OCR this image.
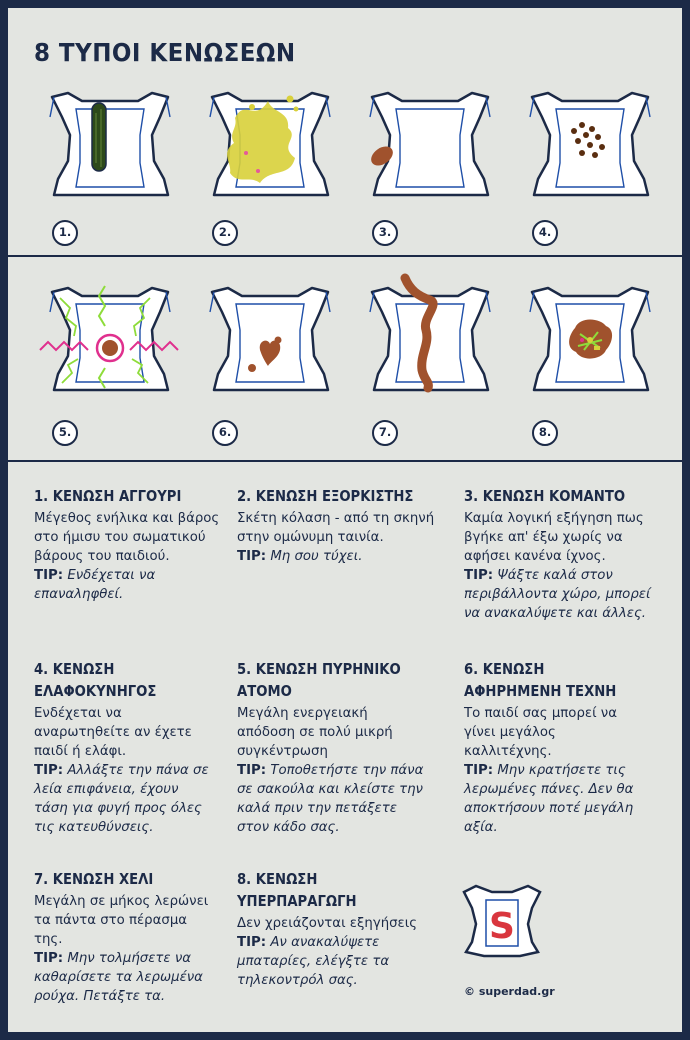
8 ΤΥΠΟΙ ΚΕΝΩΣΕΩΝ
1.	2.	3.	4.
5.	6.	7.	8.
1. ΚΕΝΩΣΗ ΑΓΓΟΥΡΙ

Μέγεθος ενήλικα και βάρος στο ήμισυ του σωματικού βάρους του παιδιού.
TIP: Ενδέχεται να επαναληφθεί.

2. ΚΕΝΩΣΗ ΕΞΟΡΚΙΣΤΗΣ

Σκέτη κόλαση - από τη σκηνή στην ομώνυμη ταινία.
TIP: Μη σου τύχει.

3. ΚΕΝΩΣΗ ΚΟΜΑΝΤΟ

Καμία λογική εξήγηση πως βγήκε απ' έξω χωρίς να αφήσει κανένα ίχνος.
TIP: Ψάξτε καλά στον περιβάλλοντα χώρο, μπορεί να ανακαλύψετε και άλλες.

4. ΚΕΝΩΣΗ ΕΛΑΦΟΚΥΝΗΓΟΣ

Ενδέχεται να αναρωτηθείτε αν έχετε παιδί ή ελάφι.
TIP: Αλλάξτε την πάνα σε λεία επιφάνεια, έχουν τάση για φυγή προς όλες τις κατευθύνσεις.

5. ΚΕΝΩΣΗ ΠΥΡΗΝΙΚΟ ΑΤΟΜΟ

Μεγάλη ενεργειακή απόδοση σε πολύ μικρή συγκέντρωση
TIP: Τοποθετήστε την πάνα σε σακούλα και κλείστε την καλά πριν την πετάξετε στον κάδο σας.

6. ΚΕΝΩΣΗ ΑΦΗΡΗΜΕΝΗ ΤΕΧΝΗ

Το παιδί σας μπορεί να γίνει μεγάλος καλλιτέχνης.
TIP: Μην κρατήσετε τις λερωμένες πάνες. Δεν θα αποκτήσουν ποτέ μεγάλη αξία.

7. ΚΕΝΩΣΗ ΧΕΛΙ

Μεγάλη σε μήκος λερώνει τα πάντα στο πέρασμα της.
TIP: Μην τολμήσετε να καθαρίσετε τα λερωμένα ρούχα. Πετάξτε τα.

8. ΚΕΝΩΣΗ ΥΠΕΡΠΑΡΑΓΩΓΗ

Δεν χρειάζονται εξηγήσεις
TIP: Αν ανακαλύψετε μπαταρίες, ελέγξτε τα τηλεκοντρόλ σας.

S
© superdad.gr
